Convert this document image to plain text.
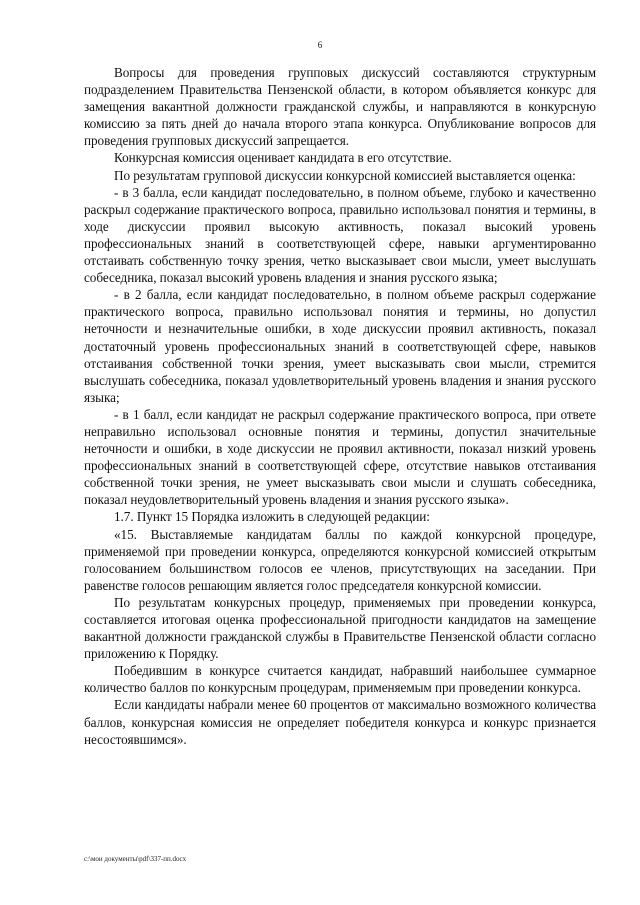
6

Вопросы для проведения групповых дискуссий составляются структурным подразделением Правительства Пензенской области, в котором объявляется конкурс для замещения вакантной должности гражданской службы, и направляются в конкурсную комиссию за пять дней до начала второго этапа конкурса. Опубликование вопросов для проведения групповых дискуссий запрещается.

Конкурсная комиссия оценивает кандидата в его отсутствие.

По результатам групповой дискуссии конкурсной комиссией выставляется оценка:

- в 3 балла, если кандидат последовательно, в полном объеме, глубоко и качественно раскрыл содержание практического вопроса, правильно использовал понятия и термины, в ходе дискуссии проявил высокую активность, показал высокий уровень профессиональных знаний в соответствующей сфере, навыки аргументированно отстаивать собственную точку зрения, четко высказывает свои мысли, умеет выслушать собеседника, показал высокий уровень владения и знания русского языка;

- в 2 балла, если кандидат последовательно, в полном объеме раскрыл содержание практического вопроса, правильно использовал понятия и термины, но допустил неточности и незначительные ошибки, в ходе дискуссии проявил активность, показал достаточный уровень профессиональных знаний в соответствующей сфере, навыков отстаивания собственной точки зрения, умеет высказывать свои мысли, стремится выслушать собеседника, показал удовлетворительный уровень владения и знания русского языка;

- в 1 балл, если кандидат не раскрыл содержание практического вопроса, при ответе неправильно использовал основные понятия и термины, допустил значительные неточности и ошибки, в ходе дискуссии не проявил активности, показал низкий уровень профессиональных знаний в соответствующей сфере, отсутствие навыков отстаивания собственной точки зрения, не умеет высказывать свои мысли и слушать собеседника, показал неудовлетворительный уровень владения и знания русского языка».

1.7. Пункт 15 Порядка изложить в следующей редакции:

«15. Выставляемые кандидатам баллы по каждой конкурсной процедуре, применяемой при проведении конкурса, определяются конкурсной комиссией открытым голосованием большинством голосов ее членов, присутствующих на заседании. При равенстве голосов решающим является голос председателя конкурсной комиссии.

По результатам конкурсных процедур, применяемых при проведении конкурса, составляется итоговая оценка профессиональной пригодности кандидатов на замещение вакантной должности гражданской службы в Правительстве Пензенской области согласно приложению к Порядку.

Победившим в конкурсе считается кандидат, набравший наибольшее суммарное количество баллов по конкурсным процедурам, применяемым при проведении конкурса.

Если кандидаты набрали менее 60 процентов от максимально возможного количества баллов, конкурсная комиссия не определяет победителя конкурса и конкурс признается несостоявшимся».

c:\мои документы\pdf\337-пп.docx
